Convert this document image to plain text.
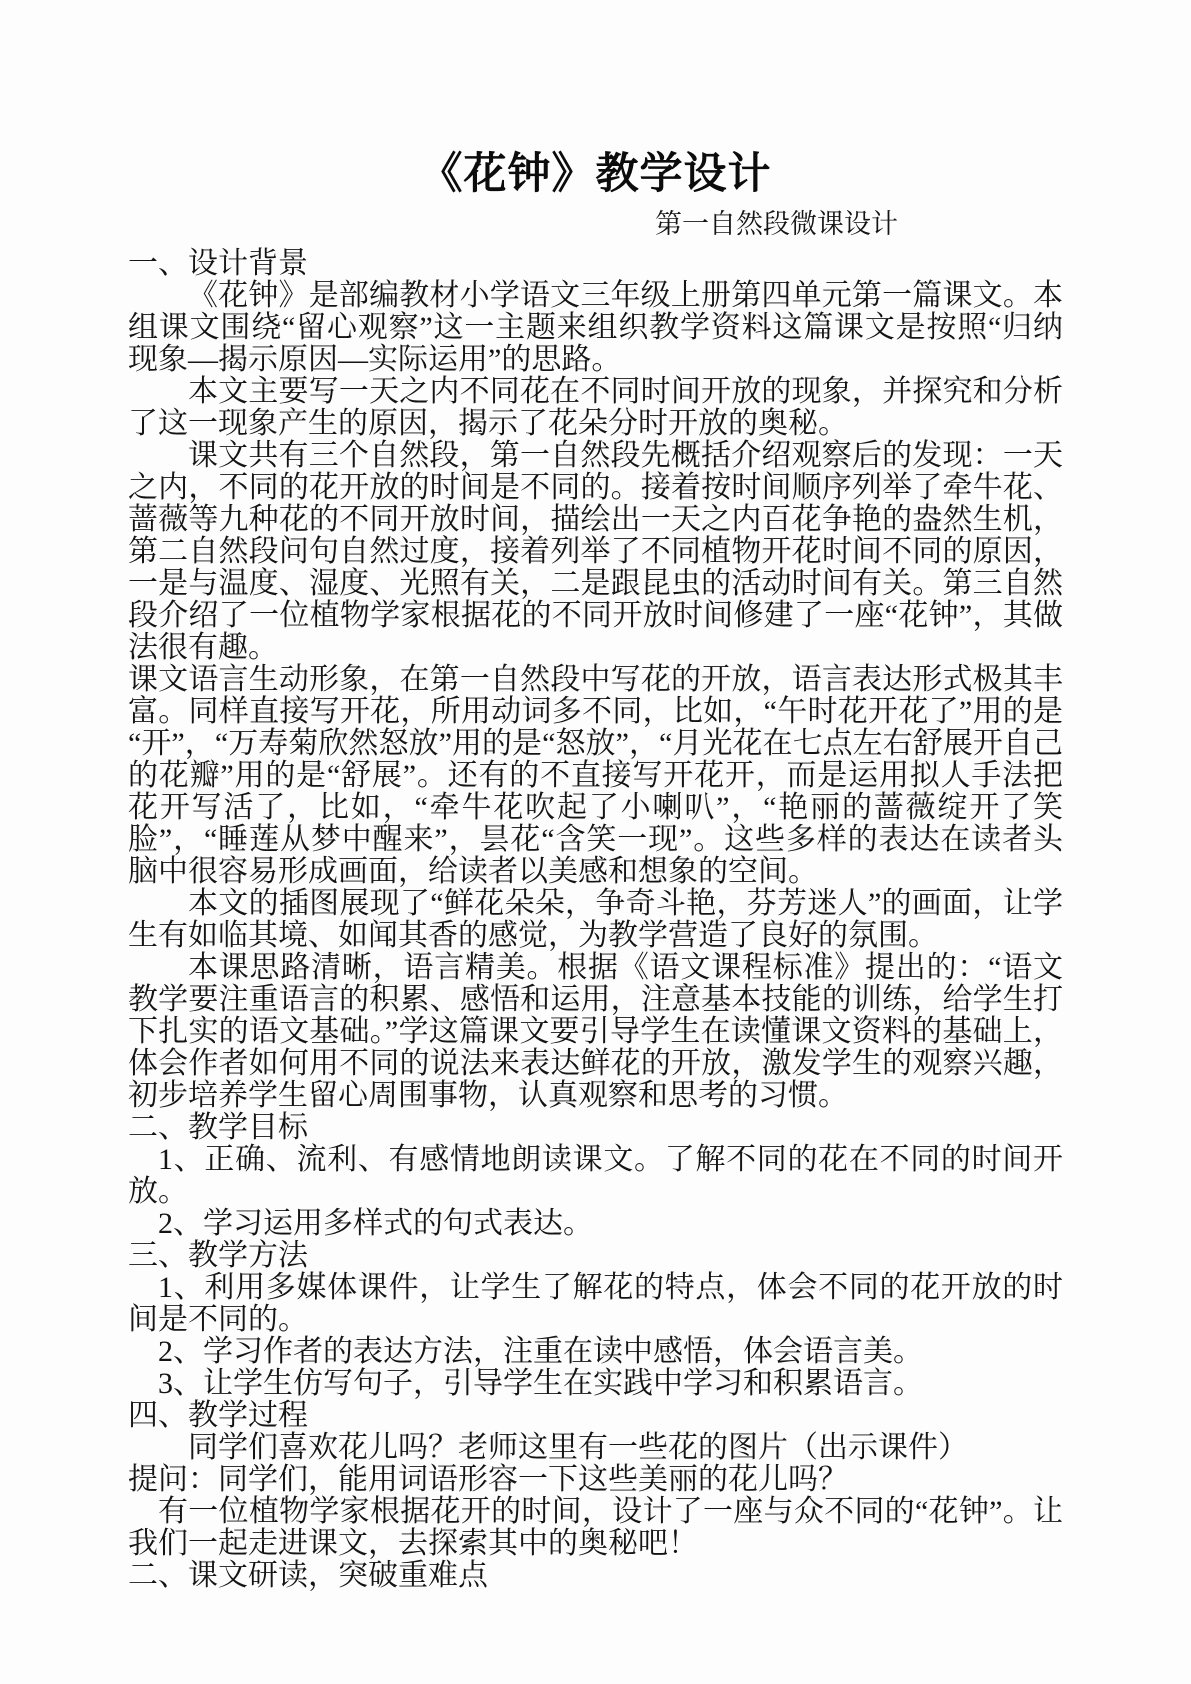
《花钟》教学设计
第一自然段微课设计

一、设计背景

《花钟》是部编教材小学语文三年级上册第四单元第一篇课文。本组课文围绕“留心观察”这一主题来组织教学资料这篇课文是按照“归纳现象—揭示原因—实际运用”的思路。

本文主要写一天之内不同花在不同时间开放的现象，并探究和分析了这一现象产生的原因，揭示了花朵分时开放的奥秘。

课文共有三个自然段，第一自然段先概括介绍观察后的发现：一天之内，不同的花开放的时间是不同的。接着按时间顺序列举了牵牛花、蔷薇等九种花的不同开放时间，描绘出一天之内百花争艳的盎然生机，第二自然段问句自然过度，接着列举了不同植物开花时间不同的原因，一是与温度、湿度、光照有关，二是跟昆虫的活动时间有关。第三自然段介绍了一位植物学家根据花的不同开放时间修建了一座“花钟”，其做法很有趣。

课文语言生动形象，在第一自然段中写花的开放，语言表达形式极其丰富。同样直接写开花，所用动词多不同，比如，“午时花开花了”用的是“开”，“万寿菊欣然怒放”用的是“怒放”，“月光花在七点左右舒展开自己的花瓣”用的是“舒展”。还有的不直接写开花开，而是运用拟人手法把花开写活了，比如，“牵牛花吹起了小喇叭”，“艳丽的蔷薇绽开了笑脸”，“睡莲从梦中醒来”，昙花“含笑一现”。这些多样的表达在读者头脑中很容易形成画面，给读者以美感和想象的空间。

本文的插图展现了“鲜花朵朵，争奇斗艳，芬芳迷人”的画面，让学生有如临其境、如闻其香的感觉，为教学营造了良好的氛围。

本课思路清晰，语言精美。根据《语文课程标准》提出的：“语文教学要注重语言的积累、感悟和运用，注意基本技能的训练，给学生打下扎实的语文基础。”学这篇课文要引导学生在读懂课文资料的基础上，体会作者如何用不同的说法来表达鲜花的开放，激发学生的观察兴趣，初步培养学生留心周围事物，认真观察和思考的习惯。

二、教学目标

1、正确、流利、有感情地朗读课文。了解不同的花在不同的时间开放。

2、学习运用多样式的句式表达。

三、教学方法

1、利用多媒体课件，让学生了解花的特点，体会不同的花开放的时间是不同的。

2、学习作者的表达方法，注重在读中感悟，体会语言美。

3、让学生仿写句子，引导学生在实践中学习和积累语言。

四、教学过程

同学们喜欢花儿吗？老师这里有一些花的图片（出示课件）

提问：同学们，能用词语形容一下这些美丽的花儿吗？

有一位植物学家根据花开的时间，设计了一座与众不同的“花钟”。让我们一起走进课文，去探索其中的奥秘吧！

二、课文研读，突破重难点
